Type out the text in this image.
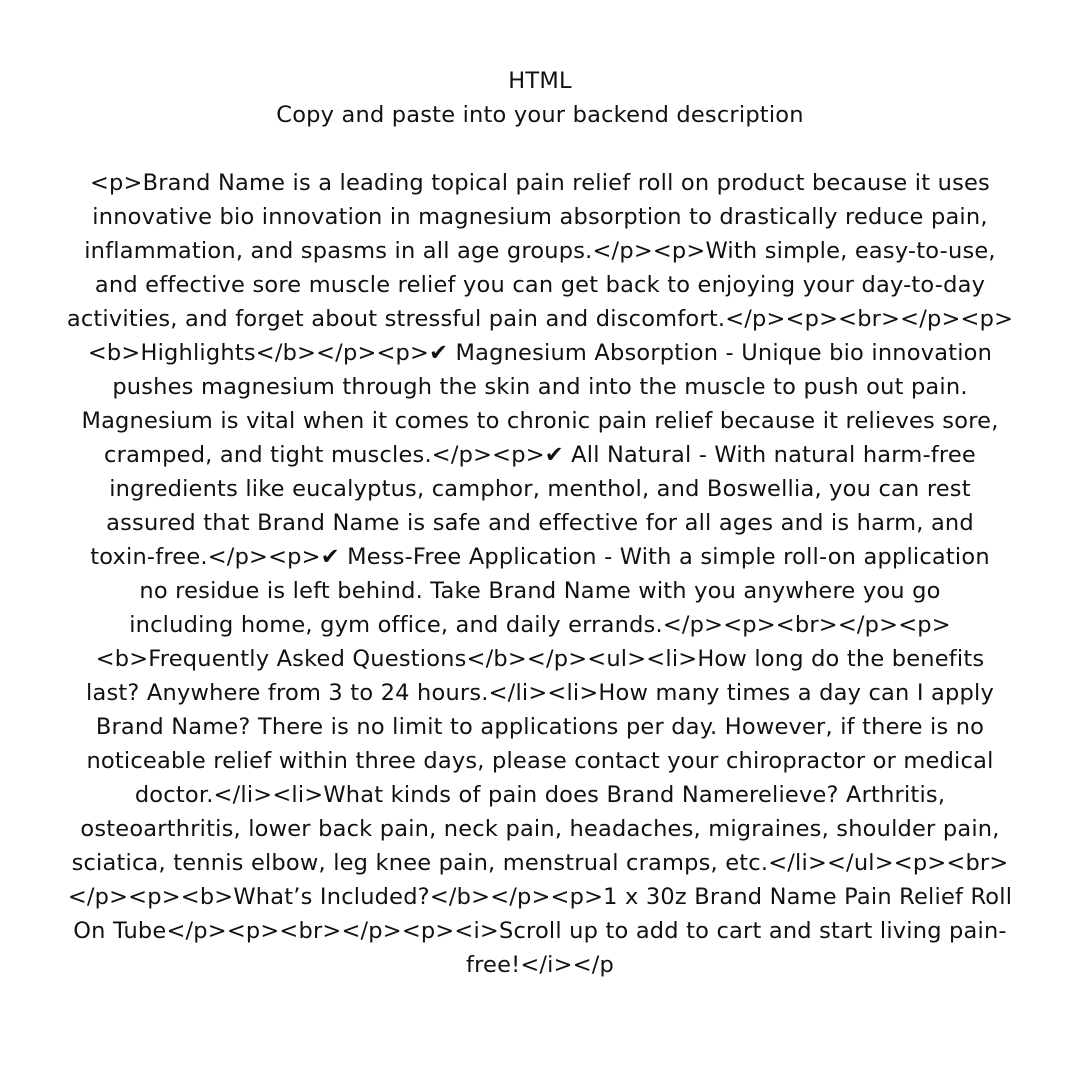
HTML
Copy and paste into your backend description
<p>Brand Name is a leading topical pain relief roll on product because it uses
innovative bio innovation in magnesium absorption to drastically reduce pain,
inflammation, and spasms in all age groups.</p><p>With simple, easy-to-use,
and effective sore muscle relief you can get back to enjoying your day-to-day
activities, and forget about stressful pain and discomfort.</p><p><br></p><p>
<b>Highlights</b></p><p>✔ Magnesium Absorption - Unique bio innovation
pushes magnesium through the skin and into the muscle to push out pain.
Magnesium is vital when it comes to chronic pain relief because it relieves sore,
cramped, and tight muscles.</p><p>✔ All Natural - With natural harm-free
ingredients like eucalyptus, camphor, menthol, and Boswellia, you can rest
assured that Brand Name is safe and effective for all ages and is harm, and
toxin-free.</p><p>✔ Mess-Free Application - With a simple roll-on application
no residue is left behind. Take Brand Name with you anywhere you go
including home, gym office, and daily errands.</p><p><br></p><p>
<b>Frequently Asked Questions</b></p><ul><li>How long do the benefits
last? Anywhere from 3 to 24 hours.</li><li>How many times a day can I apply
Brand Name? There is no limit to applications per day. However, if there is no
noticeable relief within three days, please contact your chiropractor or medical
doctor.</li><li>What kinds of pain does Brand Namerelieve? Arthritis,
osteoarthritis, lower back pain, neck pain, headaches, migraines, shoulder pain,
sciatica, tennis elbow, leg knee pain, menstrual cramps, etc.</li></ul><p><br>
</p><p><b>What’s Included?</b></p><p>1 x 30z Brand Name Pain Relief Roll
On Tube</p><p><br></p><p><i>Scroll up to add to cart and start living pain-
free!</i></p
